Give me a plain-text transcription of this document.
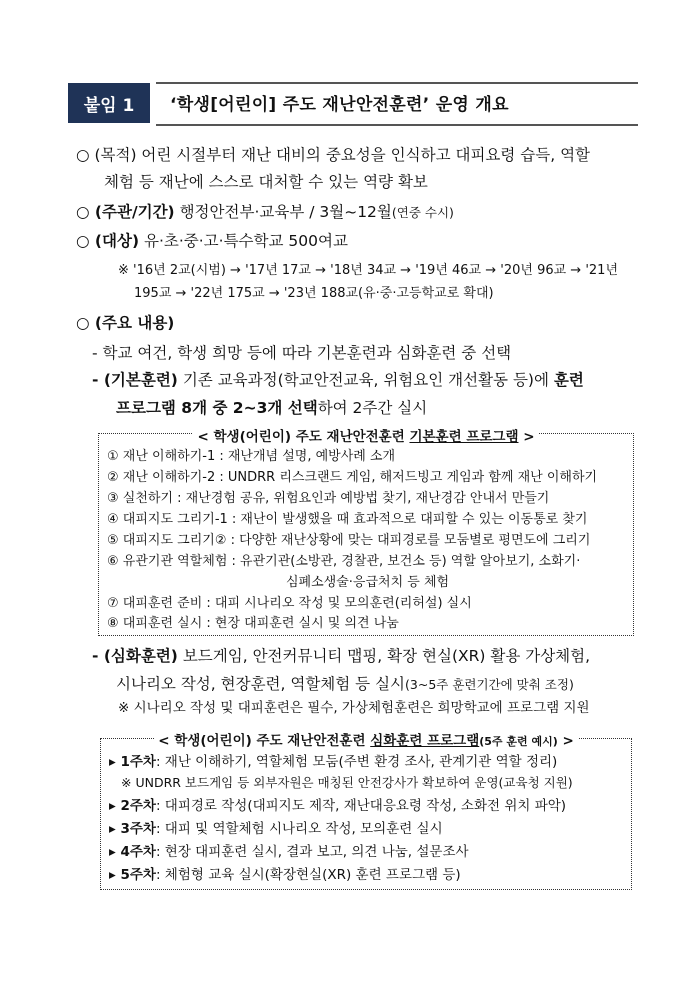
붙임 1	‘학생[어린이] 주도 재난안전훈련’ 운영 개요
○ (목적) 어린 시절부터 재난 대비의 중요성을 인식하고 대피요령 습득, 역할
체험 등 재난에 스스로 대처할 수 있는 역량 확보
○ (주관/기간) 행정안전부·교육부 / 3월~12월(연중 수시)
○ (대상) 유·초·중·고·특수학교 500여교
※ '16년 2교(시범) → '17년 17교 → '18년 34교 → '19년 46교 → '20년 96교 → '21년
195교 → '22년 175교 → '23년 188교(유·중·고등학교로 확대)
○ (주요 내용)
- 학교 여건, 학생 희망 등에 따라 기본훈련과 심화훈련 중 선택
- (기본훈련) 기존 교육과정(학교안전교육, 위험요인 개선활동 등)에 훈련
프로그램 8개 중 2~3개 선택하여 2주간 실시
< 학생(어린이) 주도 재난안전훈련 기본훈련 프로그램 >
① 재난 이해하기-1 : 재난개념 설명, 예방사례 소개
② 재난 이해하기-2 : UNDRR 리스크랜드 게임, 해저드빙고 게임과 함께 재난 이해하기
③ 실천하기 : 재난경험 공유, 위험요인과 예방법 찾기, 재난경감 안내서 만들기
④ 대피지도 그리기-1 : 재난이 발생했을 때 효과적으로 대피할 수 있는 이동통로 찾기
⑤ 대피지도 그리기② : 다양한 재난상황에 맞는 대피경로를 모둠별로 평면도에 그리기
⑥ 유관기관 역할체험 : 유관기관(소방관, 경찰관, 보건소 등) 역할 알아보기, 소화기·
심폐소생술·응급처치 등 체험
⑦ 대피훈련 준비 : 대피 시나리오 작성 및 모의훈련(리허설) 실시
⑧ 대피훈련 실시 : 현장 대피훈련 실시 및 의견 나눔
- (심화훈련) 보드게임, 안전커뮤니티 맵핑, 확장 현실(XR) 활용 가상체험,
시나리오 작성, 현장훈련, 역할체험 등 실시(3~5주 훈련기간에 맞춰 조정)
※ 시나리오 작성 및 대피훈련은 필수, 가상체험훈련은 희망학교에 프로그램 지원
< 학생(어린이) 주도 재난안전훈련 심화훈련 프로그램(5주 훈련 예시) >
▸ 1주차: 재난 이해하기, 역할체험 모둠(주변 환경 조사, 관계기관 역할 정리)
※ UNDRR 보드게임 등 외부자원은 매칭된 안전강사가 확보하여 운영(교육청 지원)
▸ 2주차: 대피경로 작성(대피지도 제작, 재난대응요령 작성, 소화전 위치 파악)
▸ 3주차: 대피 및 역할체험 시나리오 작성, 모의훈련 실시
▸ 4주차: 현장 대피훈련 실시, 결과 보고, 의견 나눔, 설문조사
▸ 5주차: 체험형 교육 실시(확장현실(XR) 훈련 프로그램 등)
